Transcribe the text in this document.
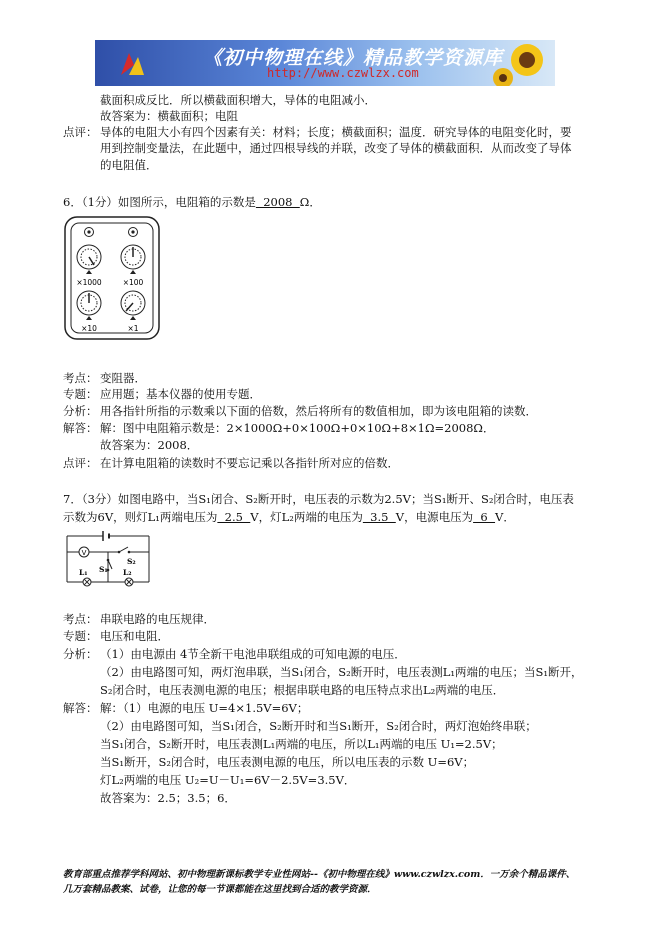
《初中物理在线》精品教学资源库
http://www.czwlzx.com
截面积成反比．所以横截面积增大，导体的电阻减小．
故答案为：横截面积；电阻
点评： 导体的电阻大小有四个因素有关：材料；长度；横截面积；温度．研究导体的电阻变化时，要
用到控制变量法，在此题中，通过四根导线的并联，改变了导体的横截面积．从而改变了导体
的电阻值．
6．（1分）如图所示，电阻箱的示数是  2008  Ω．
×1000	×100
×10	×1
考点： 变阻器．
专题： 应用题；基本仪器的使用专题．
分析： 用各指针所指的示数乘以下面的倍数，然后将所有的数值相加，即为该电阻箱的读数．
解答： 解：图中电阻箱示数是：2×1000Ω+0×100Ω+0×10Ω+8×1Ω=2008Ω．
故答案为：2008．
点评： 在计算电阻箱的读数时不要忘记乘以各指针所对应的倍数．
7．（3分）如图电路中，当S₁闭合、S₂断开时，电压表的示数为2.5V；当S₁断开、S₂闭合时，电压表
示数为6V，则灯L₁两端电压为  2.5  V，灯L₂两端的电压为  3.5  V，电源电压为  6  V．
V
S₁
S₂
L₁	L₂
考点： 串联电路的电压规律．
专题： 电压和电阻．
分析： （1）由电源由 4节全新干电池串联组成的可知电源的电压．
（2）由电路图可知，两灯泡串联，当S₁闭合，S₂断开时，电压表测L₁两端的电压；当S₁断开，
S₂闭合时，电压表测电源的电压；根据串联电路的电压特点求出L₂两端的电压．
解答： 解：（1）电源的电压 U=4×1.5V=6V；
（2）由电路图可知，当S₁闭合，S₂断开时和当S₁断开，S₂闭合时，两灯泡始终串联；
当S₁闭合，S₂断开时，电压表测L₁两端的电压，所以L₁两端的电压 U₁=2.5V；
当S₁断开，S₂闭合时，电压表测电源的电压，所以电压表的示数 U=6V；
灯L₂两端的电压 U₂=U－U₁=6V－2.5V=3.5V．
故答案为：2.5；3.5；6．
教育部重点推荐学科网站、初中物理新课标教学专业性网站--《初中物理在线》www.czwlzx.com．一万余个精品课件、
几万套精品教案、试卷，让您的每一节课都能在这里找到合适的教学资源．
